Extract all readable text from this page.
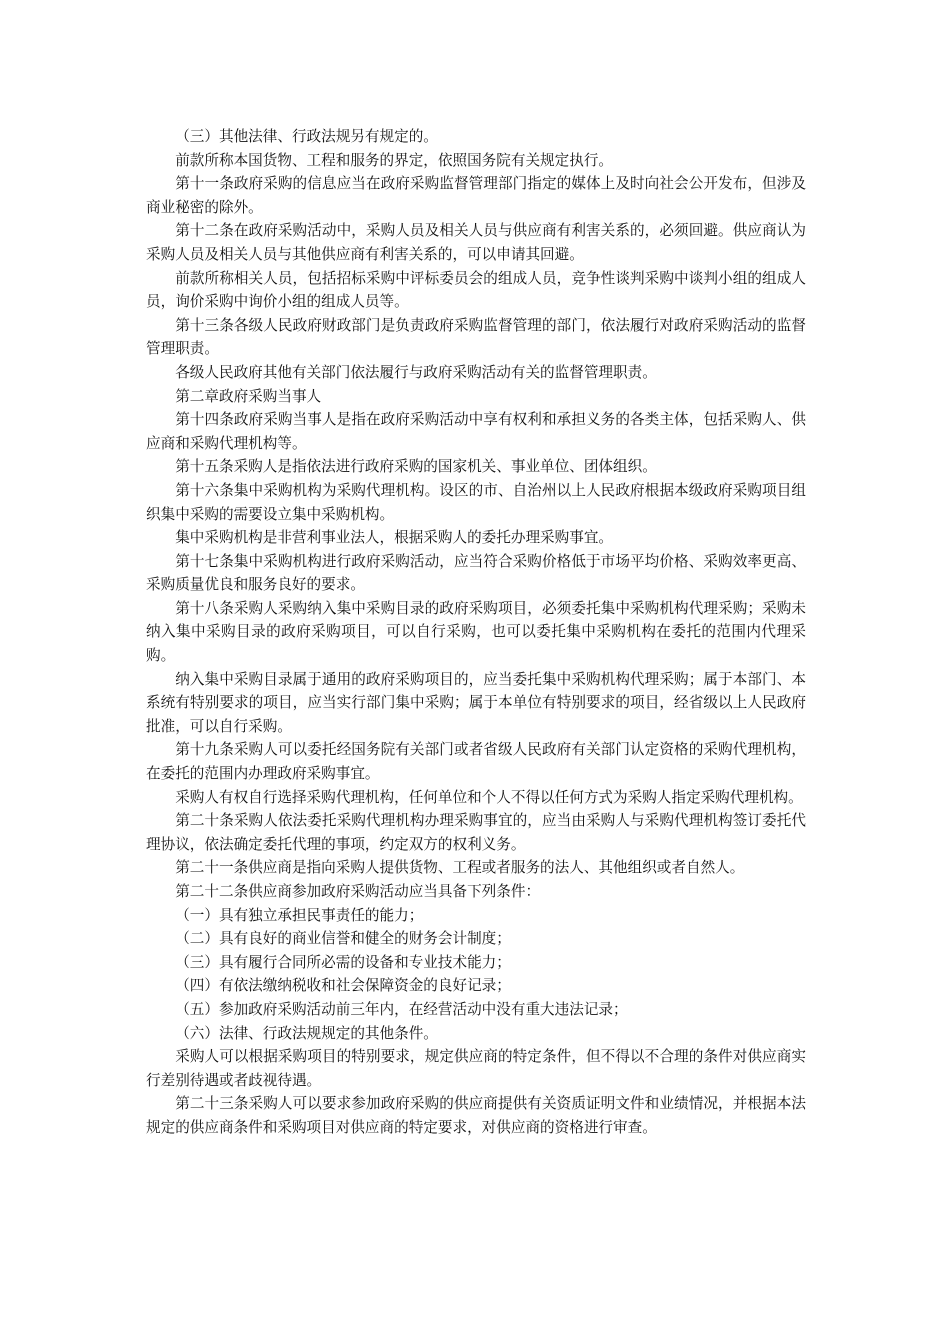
（三）其他法律、行政法规另有规定的。

前款所称本国货物、工程和服务的界定，依照国务院有关规定执行。

第十一条政府采购的信息应当在政府采购监督管理部门指定的媒体上及时向社会公开发布，但涉及商业秘密的除外。

第十二条在政府采购活动中，采购人员及相关人员与供应商有利害关系的，必须回避。供应商认为采购人员及相关人员与其他供应商有利害关系的，可以申请其回避。

前款所称相关人员，包括招标采购中评标委员会的组成人员，竞争性谈判采购中谈判小组的组成人员，询价采购中询价小组的组成人员等。

第十三条各级人民政府财政部门是负责政府采购监督管理的部门，依法履行对政府采购活动的监督管理职责。

各级人民政府其他有关部门依法履行与政府采购活动有关的监督管理职责。

第二章政府采购当事人

第十四条政府采购当事人是指在政府采购活动中享有权利和承担义务的各类主体，包括采购人、供应商和采购代理机构等。

第十五条采购人是指依法进行政府采购的国家机关、事业单位、团体组织。

第十六条集中采购机构为采购代理机构。设区的市、自治州以上人民政府根据本级政府采购项目组织集中采购的需要设立集中采购机构。

集中采购机构是非营利事业法人，根据采购人的委托办理采购事宜。

第十七条集中采购机构进行政府采购活动，应当符合采购价格低于市场平均价格、采购效率更高、采购质量优良和服务良好的要求。

第十八条采购人采购纳入集中采购目录的政府采购项目，必须委托集中采购机构代理采购；采购未纳入集中采购目录的政府采购项目，可以自行采购，也可以委托集中采购机构在委托的范围内代理采购。

纳入集中采购目录属于通用的政府采购项目的，应当委托集中采购机构代理采购；属于本部门、本系统有特别要求的项目，应当实行部门集中采购；属于本单位有特别要求的项目，经省级以上人民政府批准，可以自行采购。

第十九条采购人可以委托经国务院有关部门或者省级人民政府有关部门认定资格的采购代理机构，在委托的范围内办理政府采购事宜。

采购人有权自行选择采购代理机构，任何单位和个人不得以任何方式为采购人指定采购代理机构。

第二十条采购人依法委托采购代理机构办理采购事宜的，应当由采购人与采购代理机构签订委托代理协议，依法确定委托代理的事项，约定双方的权利义务。

第二十一条供应商是指向采购人提供货物、工程或者服务的法人、其他组织或者自然人。

第二十二条供应商参加政府采购活动应当具备下列条件：

（一）具有独立承担民事责任的能力；

（二）具有良好的商业信誉和健全的财务会计制度；

（三）具有履行合同所必需的设备和专业技术能力；

（四）有依法缴纳税收和社会保障资金的良好记录；

（五）参加政府采购活动前三年内，在经营活动中没有重大违法记录；

（六）法律、行政法规规定的其他条件。

采购人可以根据采购项目的特别要求，规定供应商的特定条件，但不得以不合理的条件对供应商实行差别待遇或者歧视待遇。

第二十三条采购人可以要求参加政府采购的供应商提供有关资质证明文件和业绩情况，并根据本法规定的供应商条件和采购项目对供应商的特定要求，对供应商的资格进行审查。
